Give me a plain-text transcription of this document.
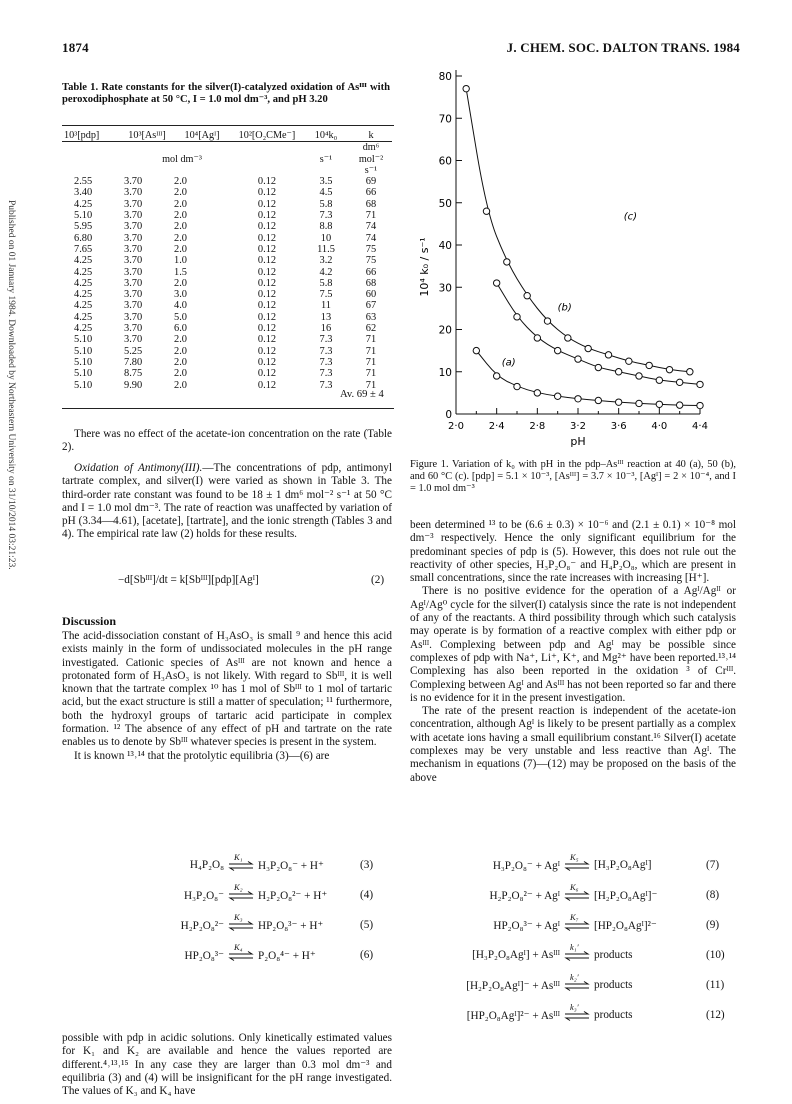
1874	J. CHEM. SOC. DALTON TRANS. 1984
Published on 01 January 1984. Downloaded by Northeastern University on 31/10/2014 03:21:23.
Table 1. Rate constants for the silver(I)-catalyzed oxidation of Asᴵᴵᴵ with peroxodiphosphate at 50 °C, I = 1.0 mol dm⁻³, and pH 3.20
10³[pdp]	10³[Asᴵᴵᴵ]	10⁴[Agᴵ]	10²[O₂CMe⁻]	10⁴k₀	k
mol dm⁻³				s⁻¹	dm⁶ mol⁻² s⁻¹
2.55	3.70	2.0	0.12	3.5	69
3.40	3.70	2.0	0.12	4.5	66
4.25	3.70	2.0	0.12	5.8	68
5.10	3.70	2.0	0.12	7.3	71
5.95	3.70	2.0	0.12	8.8	74
6.80	3.70	2.0	0.12	10	74
7.65	3.70	2.0	0.12	11.5	75
4.25	3.70	1.0	0.12	3.2	75
4.25	3.70	1.5	0.12	4.2	66
4.25	3.70	2.0	0.12	5.8	68
4.25	3.70	3.0	0.12	7.5	60
4.25	3.70	4.0	0.12	11	67
4.25	3.70	5.0	0.12	13	63
4.25	3.70	6.0	0.12	16	62
5.10	3.70	2.0	0.12	7.3	71
5.10	5.25	2.0	0.12	7.3	71
5.10	7.80	2.0	0.12	7.3	71
5.10	8.75	2.0	0.12	7.3	71
5.10	9.90	2.0	0.12	7.3	71
Av. 69 ± 4

There was no effect of the acetate-ion concentration on the rate (Table 2).

Oxidation of Antimony(III).—The concentrations of pdp, antimonyl tartrate complex, and silver(I) were varied as shown in Table 3. The third-order rate constant was found to be 18 ± 1 dm⁶ mol⁻² s⁻¹ at 50 °C and I = 1.0 mol dm⁻³. The rate of reaction was unaffected by variation of pH (3.34—4.61), [acetate], [tartrate], and the ionic strength (Tables 3 and 4). The empirical rate law (2) holds for these results.

−d[Sbᴵᴵᴵ]/dt = k[Sbᴵᴵᴵ][pdp][Agᴵ]	(2)
Discussion

The acid-dissociation constant of H₃AsO₃ is small ⁹ and hence this acid exists mainly in the form of undissociated molecules in the pH range investigated. Cationic species of Asᴵᴵᴵ are not known and hence a protonated form of H₃AsO₃ is not likely. With regard to Sbᴵᴵᴵ, it is well known that the tartrate complex ¹⁰ has 1 mol of Sbᴵᴵᴵ to 1 mol of tartaric acid, but the exact structure is still a matter of speculation; ¹¹ furthermore, both the hydroxyl groups of tartaric acid participate in complex formation. ¹² The absence of any effect of pH and tartrate on the rate enables us to denote by Sbᴵᴵᴵ whatever species is present in the system.

It is known ¹³˒¹⁴ that the protolytic equilibria (3)—(6) are

H₄P₂O₈
K₁
⇌ H₃P₂O₈⁻ + H⁺	(3)
H₃P₂O₈⁻
K₂
⇌ H₂P₂O₈²⁻ + H⁺	(4)
H₂P₂O₈²⁻
K₃
⇌ HP₂O₈³⁻ + H⁺	(5)
HP₂O₈³⁻
K₄
⇌ P₂O₈⁴⁻ + H⁺	(6)

possible with pdp in acidic solutions. Only kinetically estimated values for K₁ and K₂ are available and hence the values reported are different.⁴˒¹³˒¹⁵ In any case they are larger than 0.3 mol dm⁻³ and equilibria (3) and (4) will be insignificant for the pH range investigated. The values of K₃ and K₄ have

0
10
20
30
40
50
60
70
80
2·0 2·4 2·8 3·2 3·6 4·0 4·4
pH
10⁴ k₀ / s⁻¹
(c)
(b)
(a)
Figure 1. Variation of k₀ with pH in the pdp–Asᴵᴵᴵ reaction at 40 (a), 50 (b), and 60 °C (c). [pdp] = 5.1 × 10⁻³, [Asᴵᴵᴵ] = 3.7 × 10⁻³, [Agᴵ] = 2 × 10⁻⁴, and I = 1.0 mol dm⁻³

been determined ¹³ to be (6.6 ± 0.3) × 10⁻⁶ and (2.1 ± 0.1) × 10⁻⁸ mol dm⁻³ respectively. Hence the only significant equilibrium for the predominant species of pdp is (5). However, this does not rule out the reactivity of other species, H₃P₂O₈⁻ and H₄P₂O₈, which are present in small concentrations, since the rate increases with increasing [H⁺].

There is no positive evidence for the operation of a Agᴵ/Agᴵᴵ or Agᴵ/Ag⁰ cycle for the silver(I) catalysis since the rate is not independent of any of the reactants. A third possibility through which such catalysis may operate is by formation of a reactive complex with either pdp or Asᴵᴵᴵ. Complexing between pdp and Agᴵ may be possible since complexes of pdp with Na⁺, Li⁺, K⁺, and Mg²⁺ have been reported.¹³˒¹⁴ Complexing has also been reported in the oxidation ³ of Crᴵᴵᴵ. Complexing between Agᴵ and Asᴵᴵᴵ has not been reported so far and there is no evidence for it in the present investigation.

The rate of the present reaction is independent of the acetate-ion concentration, although Agᴵ is likely to be present partially as a complex with acetate ions having a small equilibrium constant.¹⁶ Silver(I) acetate complexes may be very unstable and less reactive than Agᴵ. The mechanism in equations (7)—(12) may be proposed on the basis of the above

H₃P₂O₈⁻ + Agᴵ
K₅
⇌ [H₃P₂O₈Agᴵ]	(7)
H₂P₂O₈²⁻ + Agᴵ
K₆
⇌ [H₂P₂O₈Agᴵ]⁻	(8)
HP₂O₈³⁻ + Agᴵ
K₇
⇌ [HP₂O₈Agᴵ]²⁻	(9)
[H₃P₂O₈Agᴵ] + Asᴵᴵᴵ
k₁′
⇌ products	(10)
[H₂P₂O₈Agᴵ]⁻ + Asᴵᴵᴵ
k₂′
⇌ products	(11)
[HP₂O₈Agᴵ]²⁻ + Asᴵᴵᴵ
k₃′
⇌ products	(12)
